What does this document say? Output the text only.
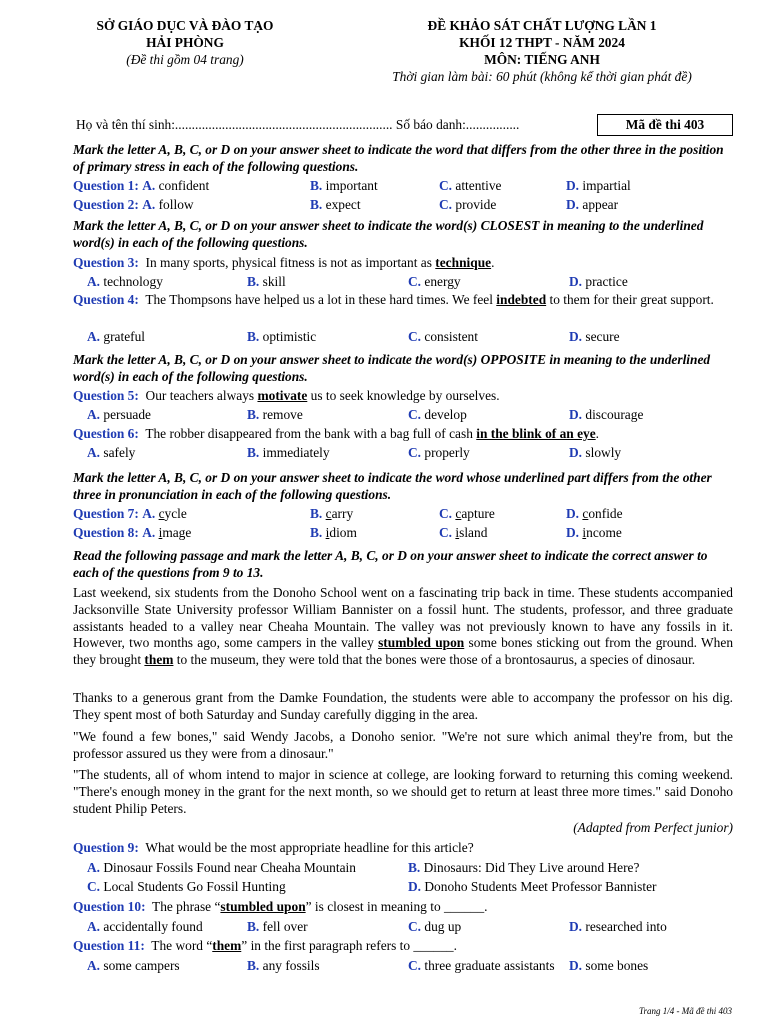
SỞ GIÁO DỤC VÀ ĐÀO TẠO
HẢI PHÒNG
(Đề thi gồm 04 trang)
ĐỀ KHẢO SÁT CHẤT LƯỢNG LẦN 1
KHỐI 12 THPT - NĂM 2024
MÔN: TIẾNG ANH
Thời gian làm bài: 60 phút (không kể thời gian phát đề)
Họ và tên thí sinh:................................................................. Số báo danh:................	Mã đề thi 403
Mark the letter A, B, C, or D on your answer sheet to indicate the word that differs from the other three in the position of primary stress in each of the following questions.
Question 1: A. confident	B. important	C. attentive	D. impartial
Question 2: A. follow	B. expect	C. provide	D. appear
Mark the letter A, B, C, or D on your answer sheet to indicate the word(s) CLOSEST in meaning to the underlined word(s) in each of the following questions.
Question 3: In many sports, physical fitness is not as important as technique.
A. technology	B. skill	C. energy	D. practice
Question 4: The Thompsons have helped us a lot in these hard times. We feel indebted to them for their great support.
A. grateful	B. optimistic	C. consistent	D. secure
Mark the letter A, B, C, or D on your answer sheet to indicate the word(s) OPPOSITE in meaning to the underlined word(s) in each of the following questions.
Question 5: Our teachers always motivate us to seek knowledge by ourselves.
A. persuade	B. remove	C. develop	D. discourage
Question 6: The robber disappeared from the bank with a bag full of cash in the blink of an eye.
A. safely	B. immediately	C. properly	D. slowly
Mark the letter A, B, C, or D on your answer sheet to indicate the word whose underlined part differs from the other three in pronunciation in each of the following questions.
Question 7: A. cycle	B. carry	C. capture	D. confide
Question 8: A. image	B. idiom	C. island	D. income
Read the following passage and mark the letter A, B, C, or D on your answer sheet to indicate the correct answer to each of the questions from 9 to 13.
Last weekend, six students from the Donoho School went on a fascinating trip back in time. These students accompanied Jacksonville State University professor William Bannister on a fossil hunt. The students, professor, and three graduate assistants headed to a valley near Cheaha Mountain. The valley was not previously known to have any fossils in it. However, two months ago, some campers in the valley stumbled upon some bones sticking out from the ground. When they brought them to the museum, they were told that the bones were those of a brontosaurus, a species of dinosaur.
Thanks to a generous grant from the Damke Foundation, the students were able to accompany the professor on his dig. They spent most of both Saturday and Sunday carefully digging in the area.
"We found a few bones," said Wendy Jacobs, a Donoho senior. "We're not sure which animal they're from, but the professor assured us they were from a dinosaur."
"The students, all of whom intend to major in science at college, are looking forward to returning this coming weekend. "There's enough money in the grant for the next month, so we should get to return at least three more times." said Donoho student Philip Peters.
(Adapted from Perfect junior)
Question 9: What would be the most appropriate headline for this article?
A. Dinosaur Fossils Found near Cheaha Mountain	B. Dinosaurs: Did They Live around Here?
C. Local Students Go Fossil Hunting	D. Donoho Students Meet Professor Bannister
Question 10: The phrase “stumbled upon” is closest in meaning to ______.
A. accidentally found	B. fell over	C. dug up	D. researched into
Question 11: The word “them” in the first paragraph refers to ______.
A. some campers	B. any fossils	C. three graduate assistants D. some bones
Trang 1/4 - Mã đề thi 403
